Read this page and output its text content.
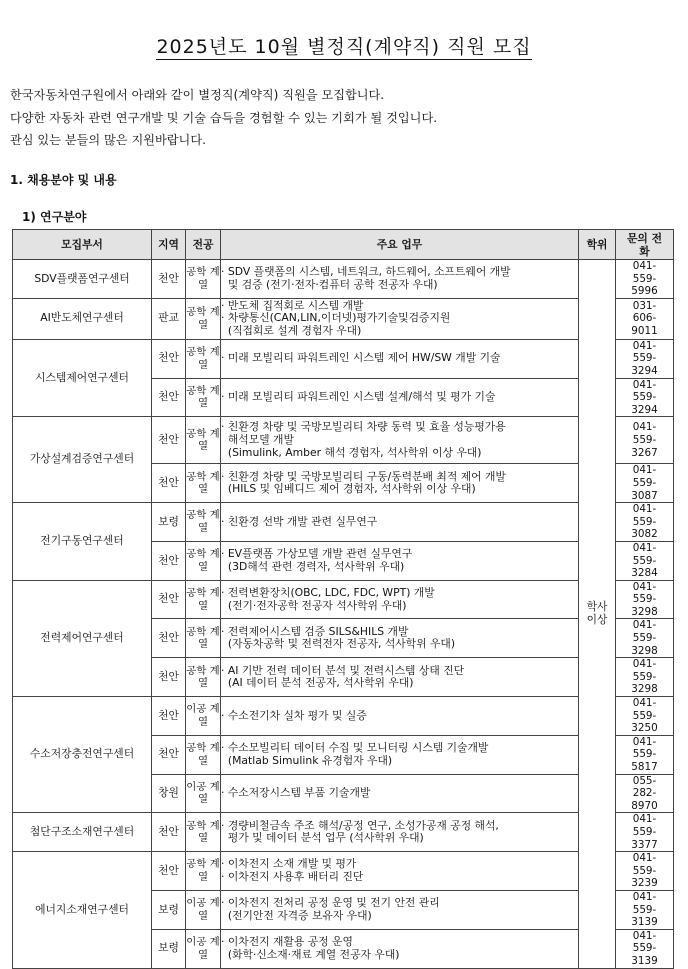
2025년도 10월 별정직(계약직) 직원 모집

한국자동차연구원에서 아래와 같이 별정직(계약직) 직원을 모집합니다.

다양한 자동차 관련 연구개발 및 기술 습득을 경험할 수 있는 기회가 될 것입니다.

관심 있는 분들의 많은 지원바랍니다.

1. 채용분야 및 내용
1) 연구분야
모집부서	지역	전공	주요 업무	학위	문의 전화
SDV플랫폼연구센터	천안	공학 계열	· SDV 플랫폼의 시스템, 네트워크, 하드웨어, 소프트웨어 개발
및 검증 (전기·전자·컴퓨터 공학 전공자 우대)	학사 이상	041-559-5996
AI반도체연구센터	판교	공학 계열	· 반도체 집적회로 시스템 개발
· 차량통신(CAN,LIN,이더넷)평가기술및검증지원
(직접회로 설계 경험자 우대)		031-606-9011
시스템제어연구센터	천안	공학 계열	· 미래 모빌리티 파워트레인 시스템 제어 HW/SW 개발 기술		041-559-3294
	천안	공학 계열	· 미래 모빌리티 파워트레인 시스템 설계/해석 및 평가 기술		041-559-3294
가상설계검증연구센터	천안	공학 계열	· 친환경 차량 및 국방모빌리티 차량 동력 및 효율 성능평가용
해석모델 개발
(Simulink, Amber 해석 경험자, 석사학위 이상 우대)		041-559-3267
	천안	공학 계열	· 친환경 차량 및 국방모빌리티 구동/동력분배 최적 제어 개발
(HILS 및 임베디드 제어 경험자, 석사학위 이상 우대)		041-559-3087
전기구동연구센터	보령	공학 계열	· 친환경 선박 개발 관련 실무연구		041-559-3082
	천안	공학 계열	· EV플랫폼 가상모델 개발 관련 실무연구
(3D해석 관련 경력자, 석사학위 우대)		041-559-3284
전력제어연구센터	천안	공학 계열	· 전력변환장치(OBC, LDC, FDC, WPT) 개발
(전기·전자공학 전공자 석사학위 우대)		041-559-3298
	천안	공학 계열	· 전력제어시스템 검증 SILS&HILS 개발
(자동차공학 및 전력전자 전공자, 석사학위 우대)		041-559-3298
	천안	공학 계열	· AI 기반 전력 데이터 분석 및 전력시스템 상태 진단
(AI 데이터 분석 전공자, 석사학위 우대)		041-559-3298
수소저장충전연구센터	천안	이공 계열	· 수소전기차 실차 평가 및 실증		041-559-3250
	천안	공학 계열	· 수소모빌리티 데이터 수집 및 모니터링 시스템 기술개발
(Matlab Simulink 유경험자 우대)		041-559-5817
	창원	이공 계열	· 수소저장시스템 부품 기술개발		055-282-8970
첨단구조소재연구센터	천안	공학 계열	· 경량비철금속 주조 해석/공정 연구, 소성가공재 공정 해석,
평가 및 데이터 분석 업무 (석사학위 우대)		041-559-3377
에너지소재연구센터	천안	공학 계열	· 이차전지 소재 개발 및 평가
· 이차전지 사용후 배터리 진단		041-559-3239
	보령	이공 계열	· 이차전지 전처리 공정 운영 및 전기 안전 관리
(전기안전 자격증 보유자 우대)		041-559-3139
	보령	이공 계열	· 이차전지 재활용 공정 운영
(화학·신소재·재료 계열 전공자 우대)		041-559-3139
